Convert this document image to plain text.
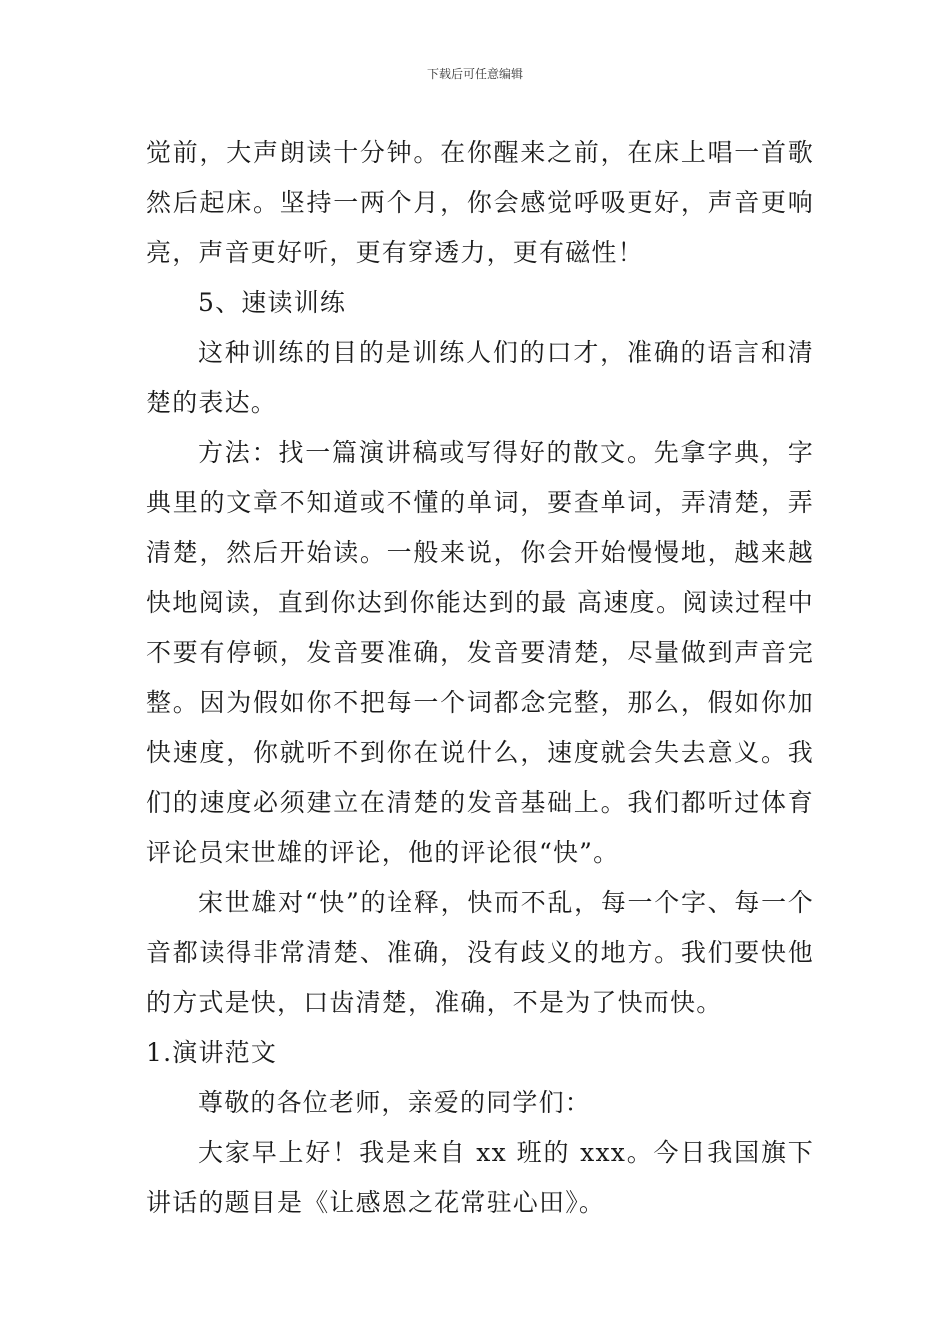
下载后可任意编辑

觉前，大声朗读十分钟。在你醒来之前，在床上唱一首歌然后起床。坚持一两个月，你会感觉呼吸更好，声音更响亮，声音更好听，更有穿透力，更有磁性！

5、速读训练

这种训练的目的是训练人们的口才，准确的语言和清楚的表达。

方法：找一篇演讲稿或写得好的散文。先拿字典，字典里的文章不知道或不懂的单词，要查单词，弄清楚，弄清楚，然后开始读。一般来说，你会开始慢慢地，越来越快地阅读，直到你达到你能达到的最 高速度。阅读过程中不要有停顿，发音要准确，发音要清楚，尽量做到声音完整。因为假如你不把每一个词都念完整，那么，假如你加快速度，你就听不到你在说什么，速度就会失去意义。我们的速度必须建立在清楚的发音基础上。我们都听过体育评论员宋世雄的评论，他的评论很“快”。

宋世雄对“快”的诠释，快而不乱，每一个字、每一个音都读得非常清楚、准确，没有歧义的地方。我们要快他的方式是快，口齿清楚，准确，不是为了快而快。

1.演讲范文

尊敬的各位老师，亲爱的同学们：

大家早上好！我是来自 xx 班的 xxx。今日我国旗下讲话的题目是《让感恩之花常驻心田》。
